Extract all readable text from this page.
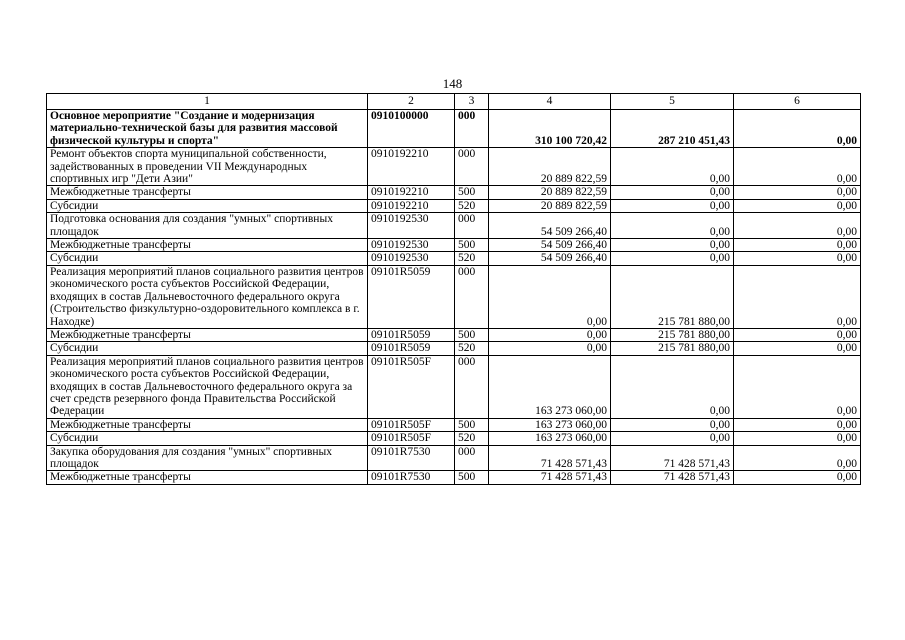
148
1	2	3	4	5	6
Основное мероприятие "Создание и модернизация материально-технической базы для развития массовой физической культуры и спорта"	0910100000	000	310 100 720,42	287 210 451,43	0,00
Ремонт объектов спорта муниципальной собственности, задействованных в проведении VII Международных спортивных игр "Дети Азии"	0910192210	000	20 889 822,59	0,00	0,00
Межбюджетные трансферты	0910192210	500	20 889 822,59	0,00	0,00
Субсидии	0910192210	520	20 889 822,59	0,00	0,00
Подготовка основания для создания "умных" спортивных площадок	0910192530	000	54 509 266,40	0,00	0,00
Межбюджетные трансферты	0910192530	500	54 509 266,40	0,00	0,00
Субсидии	0910192530	520	54 509 266,40	0,00	0,00
Реализация мероприятий планов социального развития центров экономического роста субъектов Российской Федерации, входящих в состав Дальневосточного федерального округа (Строительство физкультурно-оздоровительного комплекса в г. Находке)	09101R5059	000	0,00	215 781 880,00	0,00
Межбюджетные трансферты	09101R5059	500	0,00	215 781 880,00	0,00
Субсидии	09101R5059	520	0,00	215 781 880,00	0,00
Реализация мероприятий планов социального развития центров экономического роста субъектов Российской Федерации, входящих в состав Дальневосточного федерального округа за счет средств резервного фонда Правительства Российской Федерации	09101R505F	000	163 273 060,00	0,00	0,00
Межбюджетные трансферты	09101R505F	500	163 273 060,00	0,00	0,00
Субсидии	09101R505F	520	163 273 060,00	0,00	0,00
Закупка оборудования для создания "умных" спортивных площадок	09101R7530	000	71 428 571,43	71 428 571,43	0,00
Межбюджетные трансферты	09101R7530	500	71 428 571,43	71 428 571,43	0,00
